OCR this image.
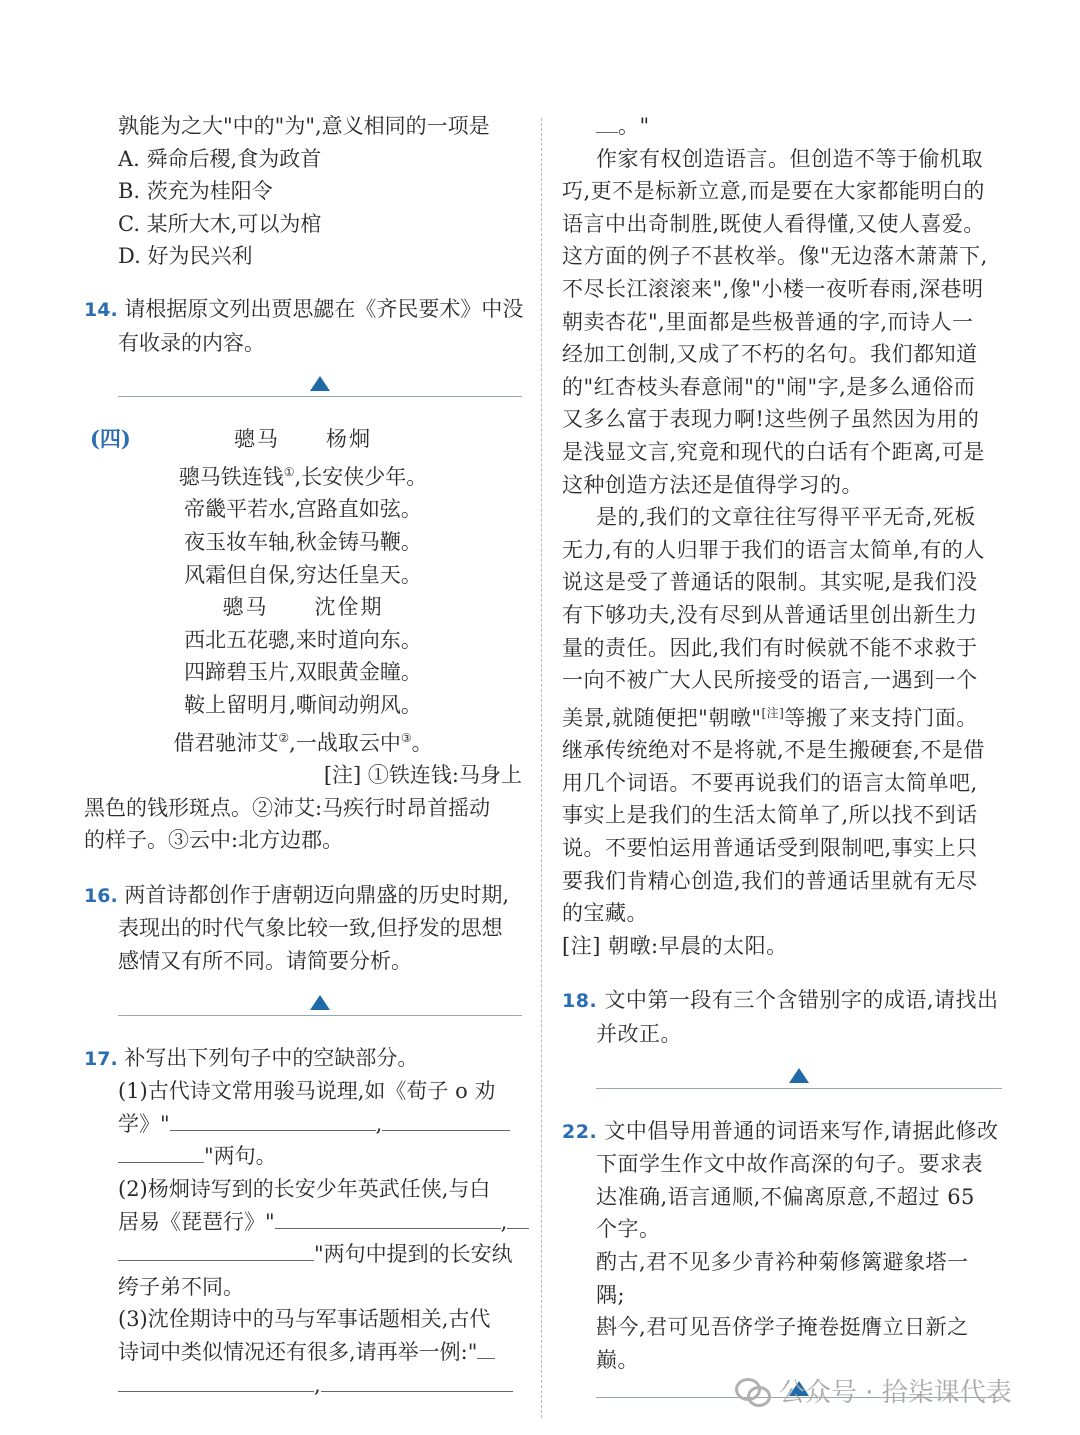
孰能为之大"中的"为",意义相同的一项是
A. 舜命后稷,食为政首
B. 茨充为桂阳令
C. 某所大木,可以为棺
D. 好为民兴利
14. 请根据原文列出贾思勰在《齐民要术》中没
有收录的内容。
(四)	骢马　　杨炯
骢马铁连钱①,长安侠少年。
帝畿平若水,宫路直如弦。
夜玉妆车轴,秋金铸马鞭。
风霜但自保,穷达任皇天。
骢马　　沈佺期
西北五花骢,来时道向东。
四蹄碧玉片,双眼黄金瞳。
鞍上留明月,嘶间动朔风。
借君驰沛艾②,一战取云中③。
[注] ①铁连钱:马身上
黑色的钱形斑点。②沛艾:马疾行时昂首摇动
的样子。③云中:北方边郡。
16. 两首诗都创作于唐朝迈向鼎盛的历史时期,
表现出的时代气象比较一致,但抒发的思想
感情又有所不同。请简要分析。
17. 补写出下列句子中的空缺部分。
(1)古代诗文常用骏马说理,如《荀子 o 劝
学》"	,
"两句。
(2)杨炯诗写到的长安少年英武任侠,与白
居易《琵琶行》"	,
"两句中提到的长安纨
绔子弟不同。
(3)沈佺期诗中的马与军事话题相关,古代
诗词中类似情况还有很多,请再举一例:"
,
。"
作家有权创造语言。但创造不等于偷机取
巧,更不是标新立意,而是要在大家都能明白的
语言中出奇制胜,既使人看得懂,又使人喜爱。
这方面的例子不甚枚举。像"无边落木萧萧下,
不尽长江滚滚来",像"小楼一夜听春雨,深巷明
朝卖杏花",里面都是些极普通的字,而诗人一
经加工创制,又成了不朽的名句。我们都知道
的"红杏枝头春意闹"的"闹"字,是多么通俗而
又多么富于表现力啊!这些例子虽然因为用的
是浅显文言,究竟和现代的白话有个距离,可是
这种创造方法还是值得学习的。
是的,我们的文章往往写得平平无奇,死板
无力,有的人归罪于我们的语言太简单,有的人
说这是受了普通话的限制。其实呢,是我们没
有下够功夫,没有尽到从普通话里创出新生力
量的责任。因此,我们有时候就不能不求救于
一向不被广大人民所接受的语言,一遇到一个
美景,就随便把"朝暾"[注]等搬了来支持门面。
继承传统绝对不是将就,不是生搬硬套,不是借
用几个词语。不要再说我们的语言太简单吧,
事实上是我们的生活太简单了,所以找不到话
说。不要怕运用普通话受到限制吧,事实上只
要我们肯精心创造,我们的普通话里就有无尽
的宝藏。
[注] 朝暾:早晨的太阳。
18. 文中第一段有三个含错别字的成语,请找出
并改正。
22. 文中倡导用普通的词语来写作,请据此修改
下面学生作文中故作高深的句子。要求表
达准确,语言通顺,不偏离原意,不超过 65
个字。
酌古,君不见多少青衿种菊修篱避象塔一
隅;
斟今,君可见吾侪学子掩卷挺膺立日新之
巅。
公众号 · 拾柒课代表
